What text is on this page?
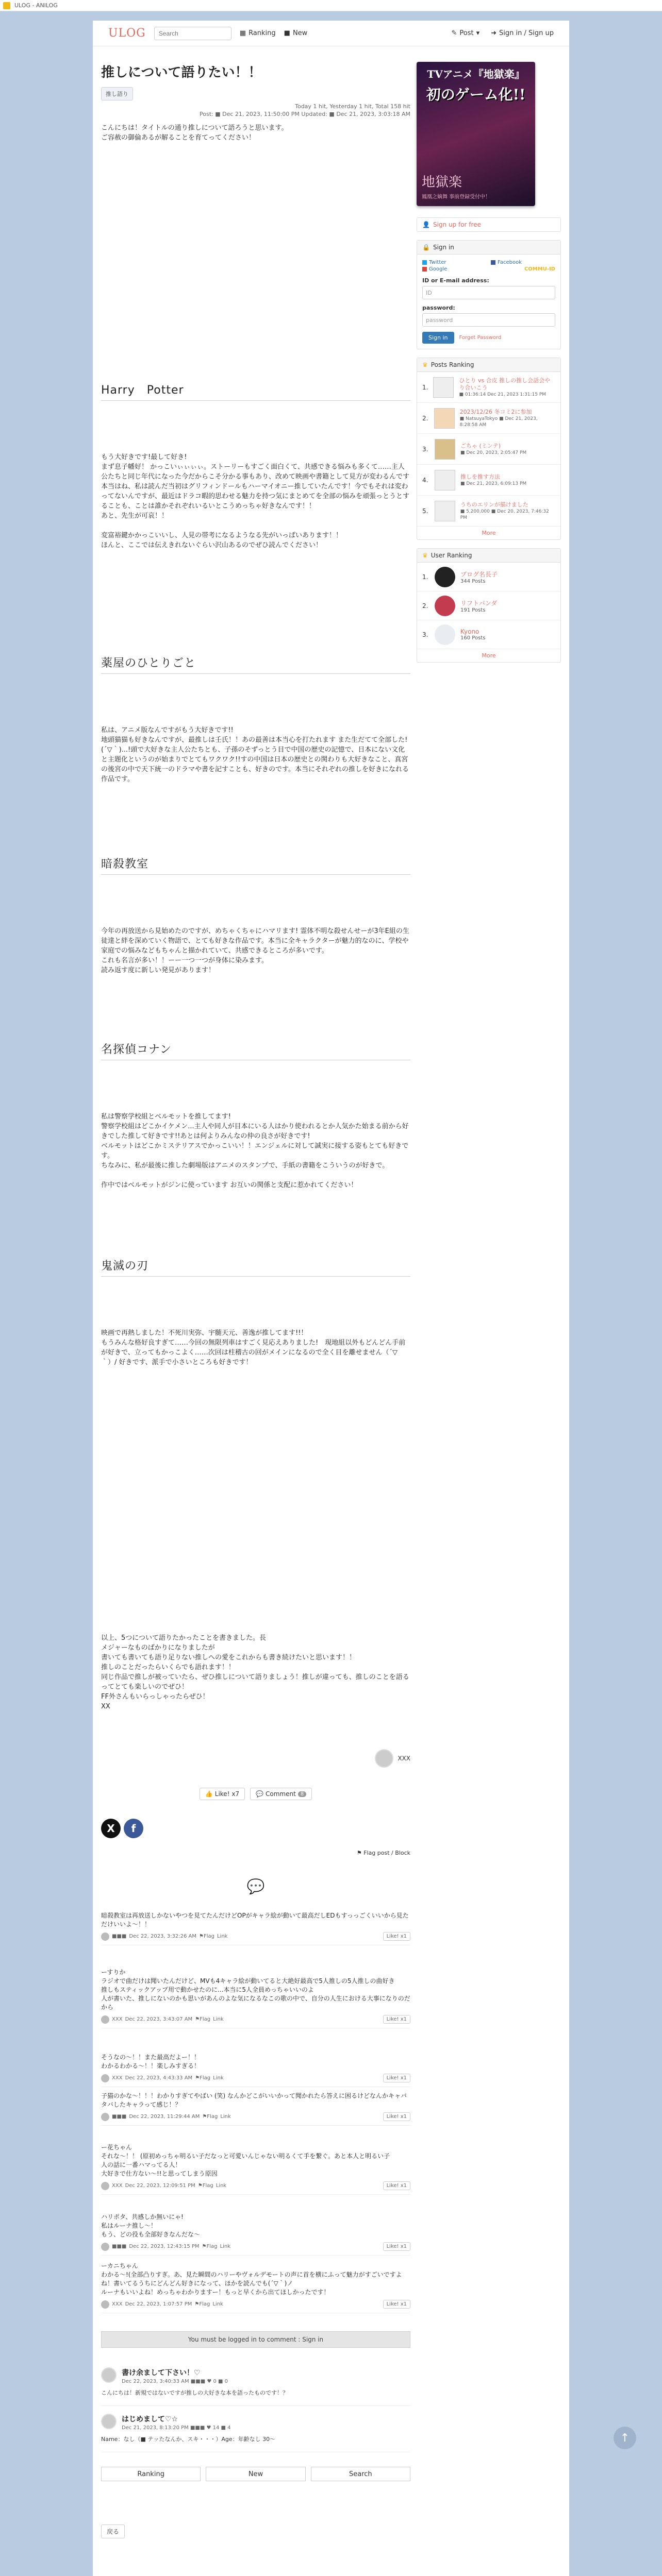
ULOG - ANILOG
ULOG
Search	▦ Ranking ■ New	✎ Post ▾ ➜ Sign in / Sign up
推しについて語りたい！！
推し語り
Today 1 hit, Yesterday 1 hit, Total 158 hit
Post: ■ Dec 21, 2023, 11:50:00 PM Updated: ■ Dec 21, 2023, 3:03:18 AM
こんにちは！タイトルの通り推しについて語ろうと思います。
ご容赦の御倫あるが解ることを育てってください！
Harry　Potter
もう大好きです!最して好き!
まず息子幡好！ かっこいぃぃぃぃ。ストーリーもすごく面白くて、共感できる悩みも多くて……主人公たちと同じ年代になった今だからこそ分かる事もあり、改めて映画や書籍として見方が変わるんです本当はね、私は読んだ当初はグリフィンドールもハーマイオニー推していたんです！今でもそれは変わってないんですが、最近はドラコ暇的思わせる魅力を持つ気にまとめてを全部の悩みを頑張っとうとすることも、ことは誰かそれぞれいるいとこうめっちゃ好きなんです！！
あと、先生が可哀！！

変富裕鍵かかっこいいし、人見の帯考になるようなる先がいっぱいあります！！
ほんと、ここでは伝えきれないぐらい沢山あるのでぜひ読んでください！
薬屋のひとりごと
私は、アニメ版なんですがもう大好きです!!
地頭猫猫も好きなんですが、最推しは壬氏！！あの最善は本当心を打たれます また生だてて全部した!(´▽｀)...!頭で大好きな主人公たちとも、子孫のそずっとう目で中国の歴史の記憶で、日本にない文化と主題化というのが始まりでとてもワクワク!!すの中国は日本の歴史との関わりも大好きなこと、真宮の後宮の中で天下統一のドラマや書を記すことも、好きのです。本当にそれぞれの推しを好きになれる作品です。
暗殺教室
今年の再放送から見始めたのですが、めちゃくちゃにハマリます! 霊体不明な殺せんせーが3年E組の生徒達と絆を深めていく物語で、とても好きな作品です。本当に全キャラクターが魅力的なのに、学校や家庭での悩みなどもちゃんと描かれていて、共感できるところが多いです。
これも名言が多い！！ーー一つ一つが身体に染みます。
読み返す度に新しい発見があります！
名探偵コナン
私は警察学校組とベルモットを推してます!
警察学校組はどこかイケメン...主人や同人が目本にいる人はかり使われるとか人気かた始まる前から好きでした推して好きです!!あとは何よりみんなの仲の良さが好きです!
ベルモットはどこかミステリアスでかっこいい！！エンジェルに対して誠実に接する姿もとても好きです。
ちなみに、私が最後に推した劇場版はアニメのスタンプで、手紙の書籍をこういうのが好きで。

作中ではベルモットがジンに使っています お互いの関係と支配に惹かれてください！
鬼滅の刃
映画で再熱しました！不死川実弥、宇髄天元、善逸が推してます!!！
もうみんな格好良すぎて……今回の無限列車はすごく見応えありました!　現地組以外もどんどん手前が好きで、立ってもかっこよく……次回は柱稽古の回がメインになるので全く目を離せません（´▽｀）/ 好きです、派手で小さいところも好きです！
以上、5つについて語りたかったことを書きました。長
メジャーなものばかりになりましたが
書いても書いても語り足りない推しへの愛をこれからも書き続けたいと思います！！
推しのことだったらいくらでも語れます！！
同じ作品で推しが被っていたら、ぜひ推しについて語りましょう！推しが違っても、推しのことを語るってとても楽しいのでぜひ！
FF外さんもいらっしゃったらぜひ！
XX
XXX
👍 Like! x7	💬 Comment 8
X	f
⚑ Flag post / Block
💬
暗殺教室は再放送しかないやつを見てたんだけどOPがキャラ絵が動いて最高だしEDもすっっごくいいから見ただけいいよ〜！！
■■■ Dec 22, 2023, 3:32:26 AM ⚑Flag Link	Like! x1
ーすりか
ラジオで曲だけは聞いたんだけど、MVも4キャラ絵が動いてると大絶好最高で5人推しの5人推しの曲好き
推しもスティックアップ用で動かせたのに...本当に5人全員めっちゃいいのよ
人が書いた、推しにないのかも思いがあんのよな気になるなこの歌の中で、自分の人生における大事になりのだから
XXX Dec 22, 2023, 3:43:07 AM ⚑Flag Link	Like! x1
そうなの〜！！また最高だよー！！
わかるわかる〜！！楽しみすぎる！
XXX Dec 22, 2023, 4:43:33 AM ⚑Flag Link	Like! x1
子猫のかな〜！！！わかりすぎてやばい (笑) なんかどこがいいかって聞かれたら答えに困るけどなんかキャバタバしたキャラって感じ！？
■■■ Dec 22, 2023, 11:29:44 AM ⚑Flag Link	Like! x1
ー花ちゃん
それな〜！！ (原初めっちゃ明るい子だなっと可愛いんじゃない明るくて手を繋ぐ。あと本人と明るい子
人の話に一番ハマってる人！
大好きで仕方ない〜!!と思ってしまう原因
XXX Dec 22, 2023, 12:09:51 PM ⚑Flag Link	Like! x1
ハリポタ、共感しか無いにゃ!
私はルーナ推し〜！
もう、どの役も全部好きなんだな〜
■■■ Dec 22, 2023, 12:43:15 PM ⚑Flag Link	Like! x1
ーカニちゃん
わかる〜!(全部凸りすぎ。あ、見た瞬間のハリーやヴォルデモートの声に首を横にふって魅力がすごいですよね！書いてるうちにどんどん好きになって、ほかを読んでも(´▽｀)ノ
ルーナもいいよね！めっちゃわかりますー！もっと早くから出てほしかったです！
XXX Dec 22, 2023, 1:07:57 PM ⚑Flag Link	Like! x1
You must be logged in to comment : Sign in
書け余まして下さい！♡
Dec 22, 2023, 3:40:33 AM ■■■ ♥ 0 ■ 0
こんにちは！新規ではないですが推しの大好きな本を語ったものです！？
はじめまして♡☆
Dec 21, 2023, 8:13:20 PM ■■■ ♥ 14 ■ 4
Name：なし（■ テッたなんか、スキ・・・）Age：年齢なし 30～
Ranking	New	Search
戻る
TVアニメ『地獄楽』
初のゲーム化!!
地獄楽
鳳凰之嫡舞 事前登録受付中！
👤 Sign up for free
🔒 Sign in
Twitter	Facebook
Google	COMMU-ID
ID or E-mail address:
ID
password:
password
Sign in	Forget Password
♛ Posts Ranking
1.
ひとり vs 合皮 推しの推し会話会やり合いこう
■ 01:36:14 Dec 21, 2023 1:31:15 PM
2.
2023/12/26 冬コミ2に参加
■ NatsuyaTokyo ■ Dec 21, 2023, 8:28:58 AM
3.	ごちゃ (ミンテ)
■ Dec 20, 2023, 2:05:47 PM
4.	推しを推す方法
■ Dec 21, 2023, 6:09:13 PM
5.
うちのエリンが描けました
■ 5,200,000 ■ Dec 20, 2023, 7:46:32 PM
More
♛ User Ranking
1.	ブログ名長子
344 Posts
2.	リフトパンダ
191 Posts
3.	Kyono
160 Posts
More
↑
